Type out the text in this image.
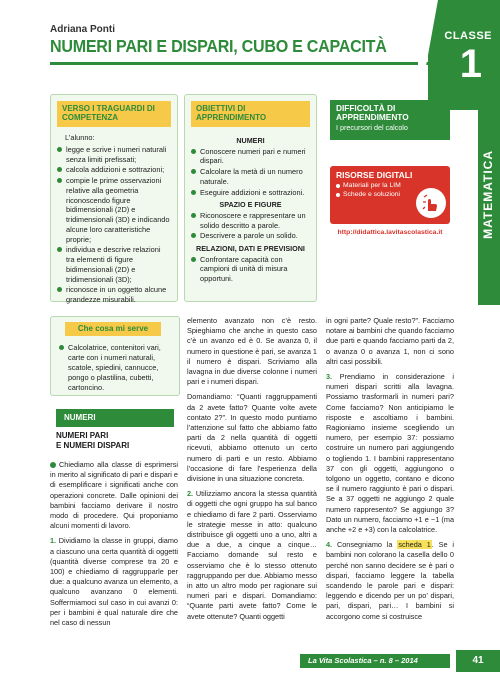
Adriana Ponti
NUMERI PARI E DISPARI, CUBO E CAPACITÀ	CLASSE
1
MATEMATICA
VERSO I TRAGUARDI DI COMPETENZA
L’alunno:
legge e scrive i numeri naturali senza limiti prefissati;
calcola addizioni e sottrazioni;
compie le prime osservazioni relative alla geometria riconoscendo figure bidimensionali (2D) e tridimensionali (3D) e indicando alcune loro caratteristiche proprie;
individua e descrive relazioni tra elementi di figure bidimensionali (2D) e tridimensionali (3D);
riconosce in un oggetto alcune grandezze misurabili.
OBIETTIVI DI APPRENDIMENTO
NUMERI
Conoscere numeri pari e numeri dispari.
Calcolare la metà di un numero naturale.
Eseguire addizioni e sottrazioni.
SPAZIO E FIGURE
Riconoscere e rappresentare un solido descritto a parole.
Descrivere a parole un solido.
RELAZIONI, DATI E PREVISIONI
Confrontare capacità con campioni di unità di misura opportuni.
DIFFICOLTÀ DI APPRENDIMENTO
I precursori del calcolo
RISORSE DIGITALI
Materiali per la LIM
Schede e soluzioni
http://didattica.lavitascolastica.it
Che cosa mi serve
Calcolatrice, contenitori vari, carte con i numeri naturali, scatole, spiedini, cannucce, pongo o plastilina, cubetti, cartoncino.
NUMERI
NUMERI PARI
E NUMERI DISPARI

Chiediamo alla classe di esprimersi in merito al significato di pari e dispari e di esemplificare i significati anche con operazioni concrete. Dalle opinioni dei bambini facciamo derivare il nostro modo di procedere. Qui proponiamo alcuni momenti di lavoro.

1. Dividiamo la classe in gruppi, diamo a ciascuno una certa quantità di oggetti (quantità diverse comprese tra 20 e 100) e chiediamo di raggrupparle per due: a qualcuno avanza un elemento, a qualcuno avanzano 0 elementi. Soffermiamoci sul caso in cui avanzi 0: per i bambini è qual naturale dire che nel caso di nessun

elemento avanzato non c’è resto. Spieghiamo che anche in questo caso c’è un avanzo ed è 0. Se avanza 0, il numero in questione è pari, se avanza 1 il numero è dispari. Scriviamo alla lavagna in due diverse colonne i numeri pari e i numeri dispari.

Domandiamo: “Quanti raggruppamenti da 2 avete fatto? Quante volte avete contato 2?”. In questo modo puntiamo l’attenzione sul fatto che abbiamo fatto parti da 2 nella quantità di oggetti ricevuti, abbiamo ottenuto un certo numero di parti e un resto. Abbiamo l’occasione di fare l’esperienza della divisione in una situazione concreta.

2. Utilizziamo ancora la stessa quantità di oggetti che ogni gruppo ha sul banco e chiediamo di fare 2 parti. Osserviamo le strategie messe in atto: qualcuno distribuisce gli oggetti uno a uno, altri a due a due, a cinque a cinque… Facciamo domande sul resto e osserviamo che è lo stesso ottenuto raggruppando per due. Abbiamo messo in atto un altro modo per ragionare sui numeri pari e dispari. Domandiamo: “Quante parti avete fatto? Come le avete ottenute? Quanti oggetti

in ogni parte? Quale resto?”. Facciamo notare ai bambini che quando facciamo due parti e quando facciamo parti da 2, o avanza 0 o avanza 1, non ci sono altri casi possibili.

3. Prendiamo in considerazione i numeri dispari scritti alla lavagna. Possiamo trasformarli in numeri pari? Come facciamo? Non anticipiamo le risposte e ascoltiamo i bambini. Ragioniamo insieme scegliendo un numero, per esempio 37: possiamo costruire un numero pari aggiungendo o togliendo 1. I bambini rappresentano 37 con gli oggetti, aggiungono o tolgono un oggetto, contano e dicono se il numero raggiunto è pari o dispari. Se a 37 oggetti ne aggiungo 2 quale numero rappresento? Se aggiungo 3? Dato un numero, facciamo +1 e −1 (ma anche +2 e +3) con la calcolatrice.

4. Consegniamo la scheda 1. Se i bambini non colorano la casella dello 0 perché non sanno decidere se è pari o dispari, facciamo leggere la tabella scandendo le parole pari e dispari: leggendo e dicendo per un po’ dispari, pari, dispari, pari… I bambini si accorgono come si costruisce

La Vita Scolastica – n. 8 – 2014	41
